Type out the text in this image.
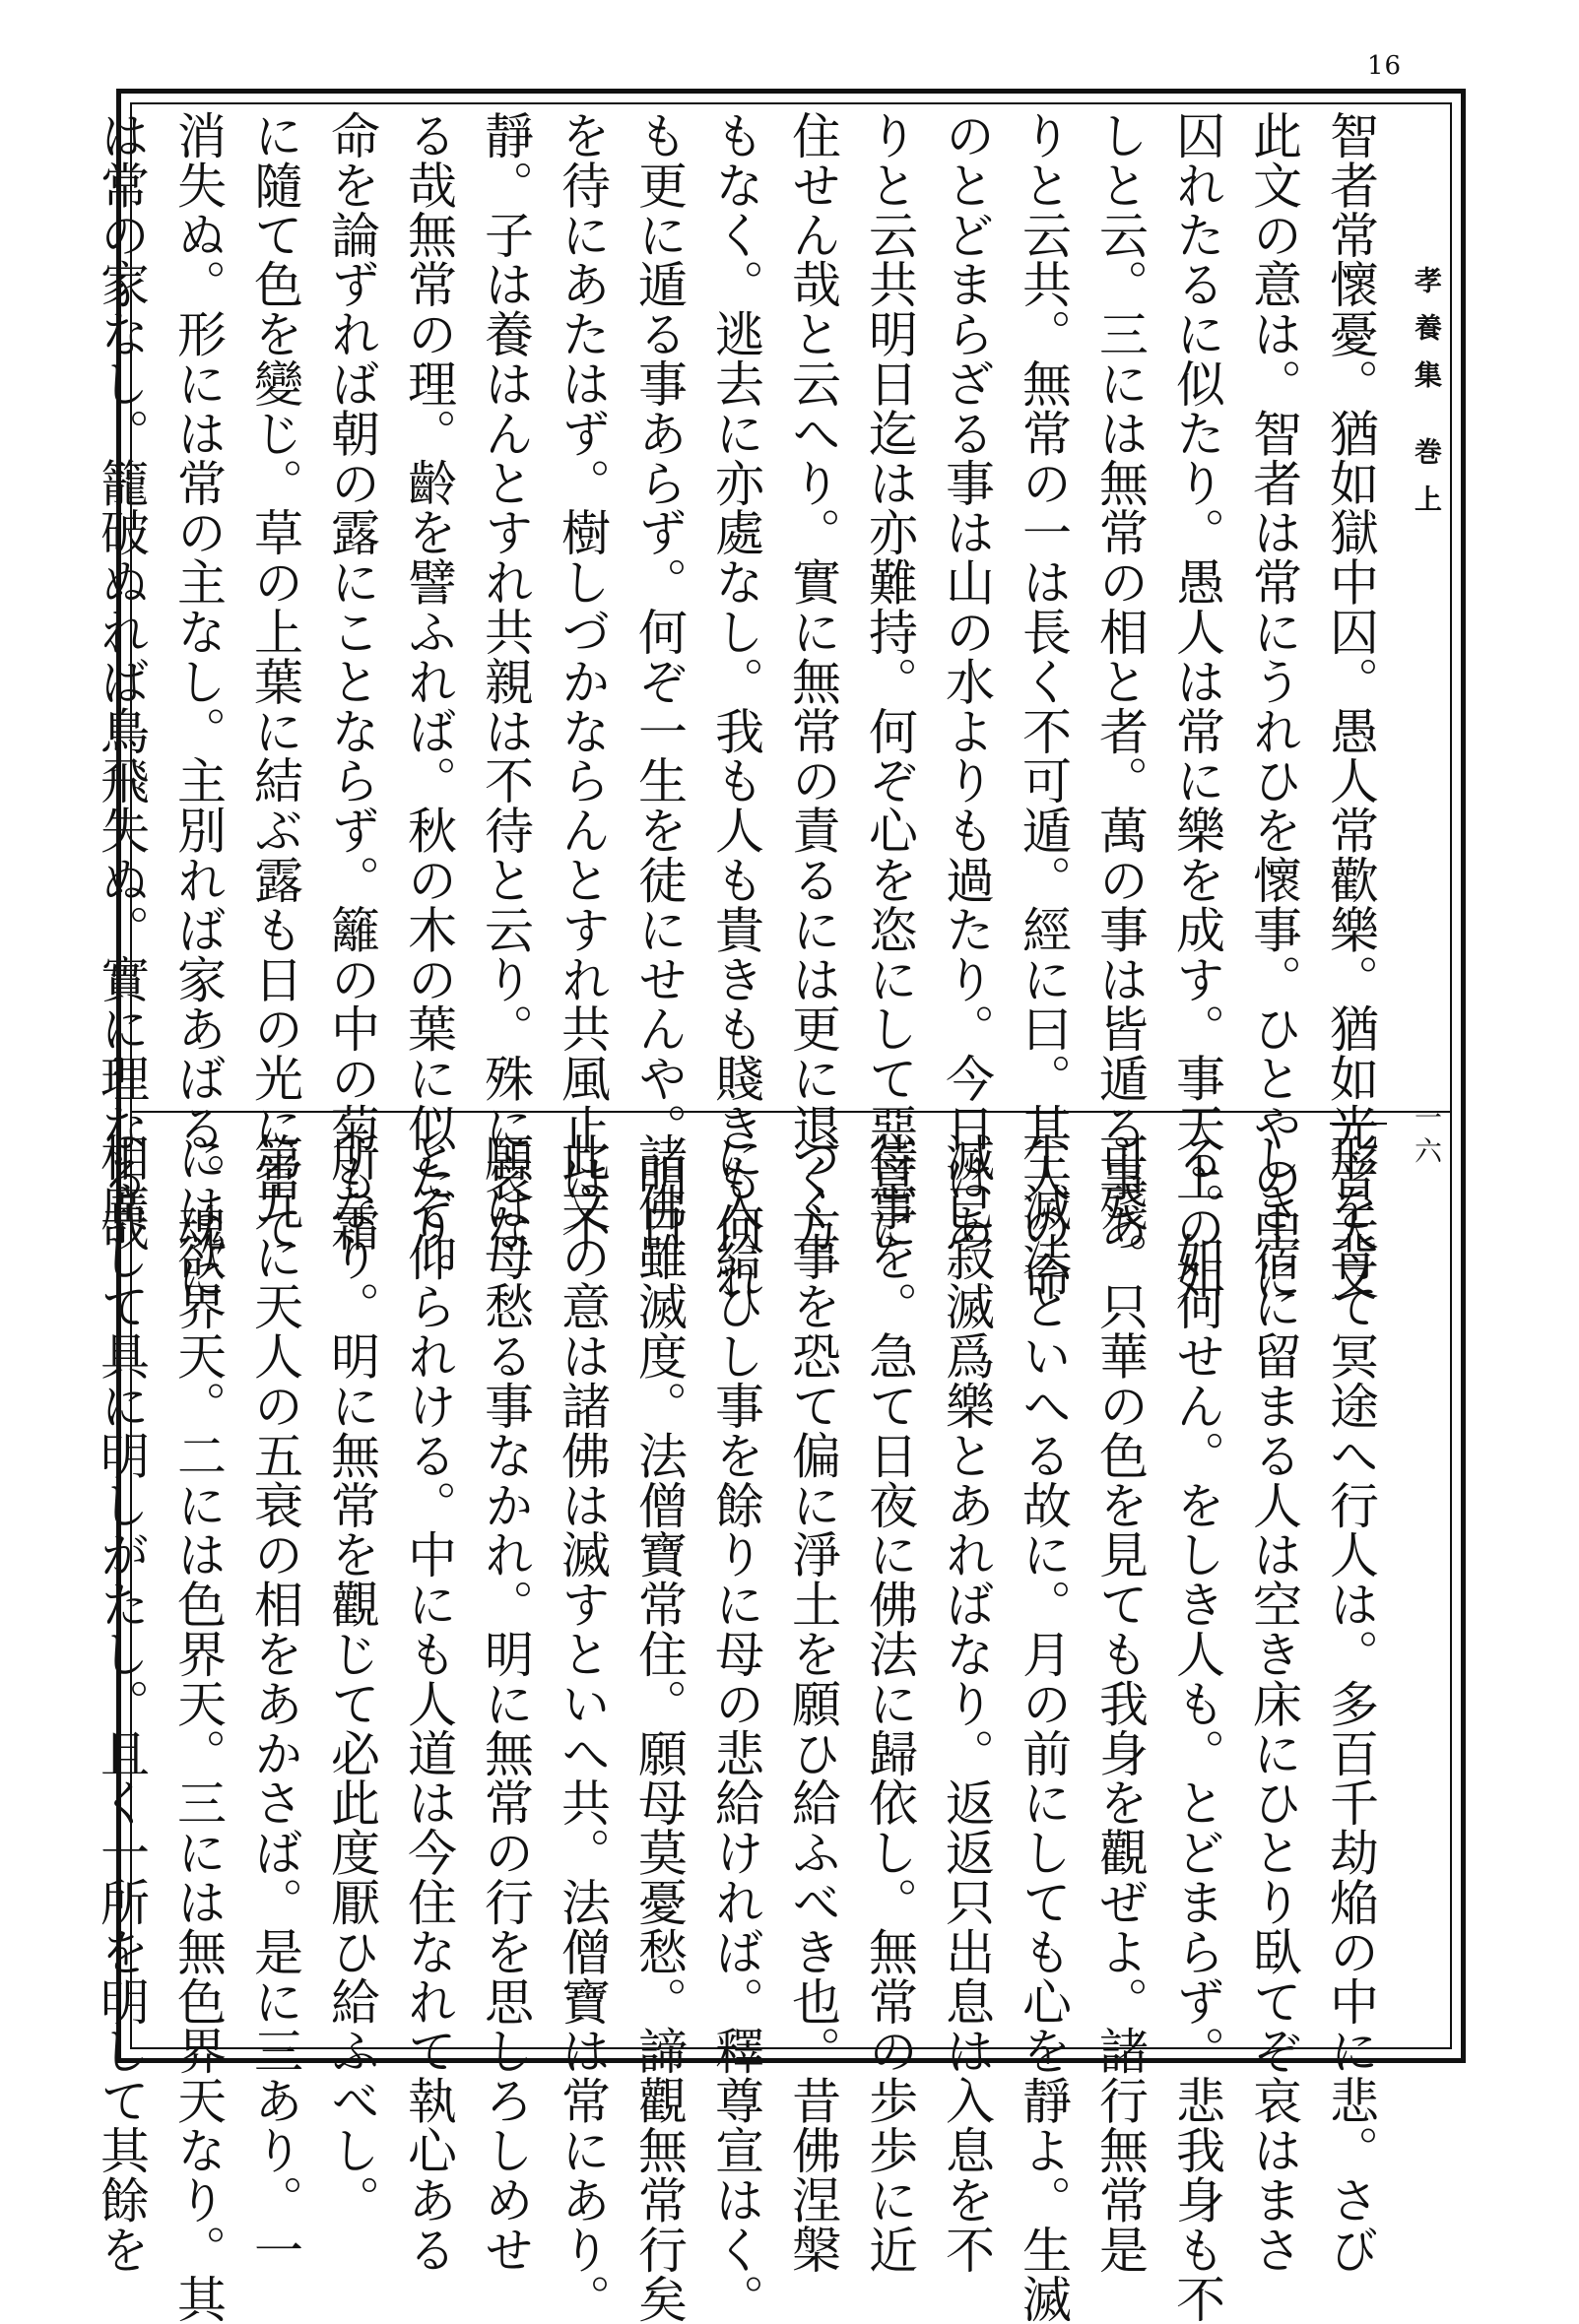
16
孝養集 巻上
一六
智者常懷憂。猶如獄中囚。愚人常歡樂。猶如光音天文
此文の意は。智者は常にうれひを懷事。ひとやの中に
囚れたるに似たり。愚人は常に樂を成す。事天上の如
しと云。三には無常の相と者。萬の事は皆遁る事あ
りと云共。無常の一は長く不可遁。經に曰。其人の命
のとどまらざる事は山の水よりも過たり。今日はあ
りと云共明日迄は亦難持。何ぞ心を恣にして惡意に
住せん哉と云へり。實に無常の責るには更に退く方
もなく。逃去に亦處なし。我も人も貴きも賤きも何れ
も更に遁る事あらず。何ぞ一生を徒にせんや。明日
を待にあたはず。樹しづかならんとすれ共風止は不
靜。子は養はんとすれ共親は不待と云り。殊に哀な
る哉無常の理。齡を譬ふれば。秋の木の葉に似たり。
命を論ずれば朝の露にことならず。籬の中の菊も霜
に隨て色を變じ。草の上葉に結ぶ露も日の光に當て
消失ぬ。形には常の主なし。主別れば家あばる。魂に
は常の家なし。籠破ぬれば鳥飛失ぬ。實に理なる哉
形を背て冥途へ行人は。多百千劫焔の中に悲。さび
しき宿に留まる人は空き床にひとり臥てぞ哀はまさ
る。如何せん。をしき人も。とどまらず。悲我身も不
可殘。只華の色を見ても我身を觀ぜよ。諸行無常是
生滅法といへる故に。月の前にしても心を靜よ。生滅
滅已寂滅爲樂とあればなり。返返只出息は入息を不
待事を。急て日夜に佛法に歸依し。無常の歩歩に近
づく事を恐て偏に淨土を願ひ給ふべき也。昔佛涅槃
に入給ひし事を餘りに母の悲給ければ。釋尊宣はく。
諸佛雖滅度。法僧寶常住。願母莫憂愁。諦觀無常行矣
此文の意は諸佛は滅すといへ共。法僧寶は常にあり。
願は母愁る事なかれ。明に無常の行を思しろしめせ
とぞ仰られける。中にも人道は今住なれて執心ある
所なり。明に無常を觀じて必此度厭ひ給ふべし。
第九に天人の五衰の相をあかさば。是に三あり。一
には欲界天。二には色界天。三には無色界天なり。其
相廣して具に明しがたし。且く一所を明して其餘を
